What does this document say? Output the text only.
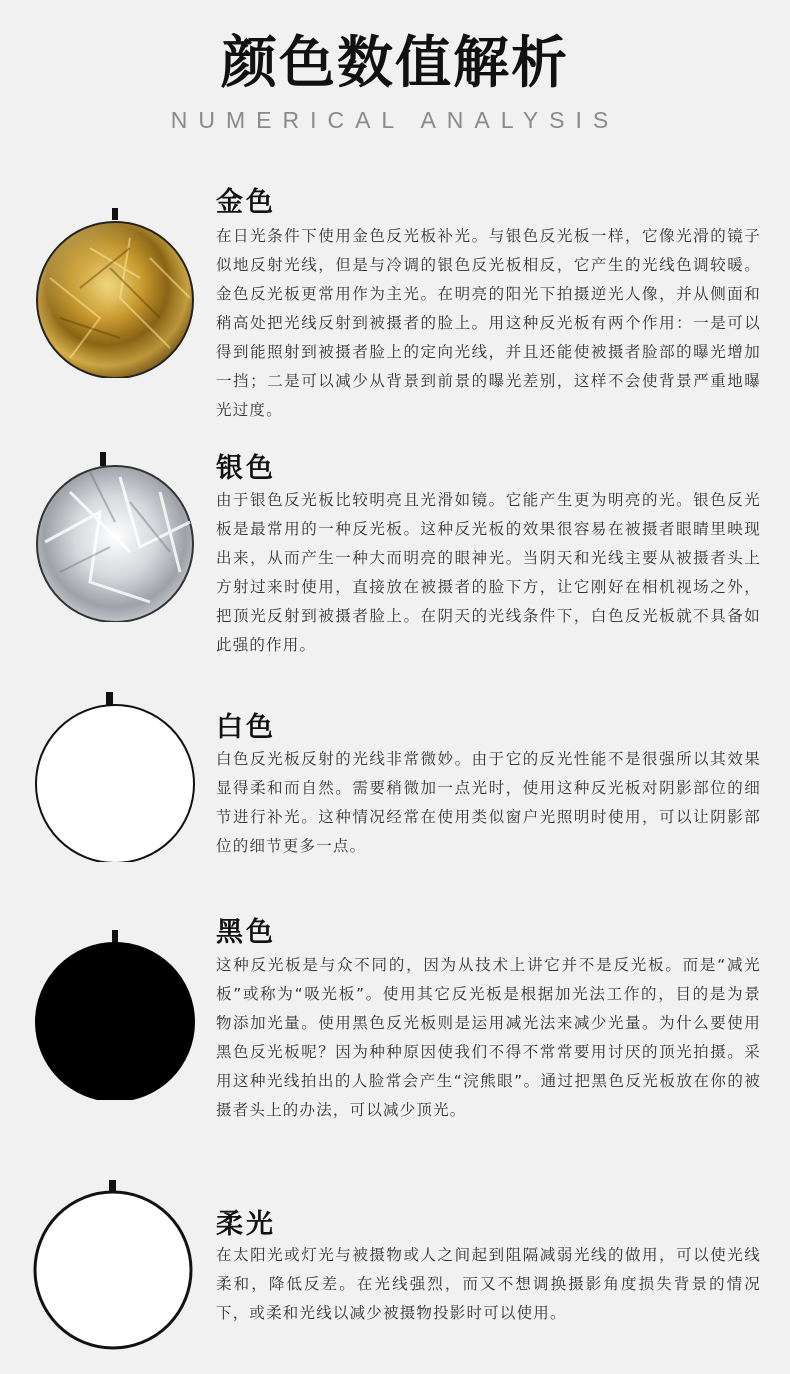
颜色数值解析
NUMERICAL ANALYSIS
金色
在日光条件下使用金色反光板补光。与银色反光板一样，它像光滑的镜子似地反射光线，但是与冷调的银色反光板相反，它产生的光线色调较暖。金色反光板更常用作为主光。在明亮的阳光下拍摄逆光人像，并从侧面和稍高处把光线反射到被摄者的脸上。用这种反光板有两个作用：一是可以得到能照射到被摄者脸上的定向光线，并且还能使被摄者脸部的曝光增加一挡；二是可以减少从背景到前景的曝光差别，这样不会使背景严重地曝光过度。
银色
由于银色反光板比较明亮且光滑如镜。它能产生更为明亮的光。银色反光板是最常用的一种反光板。这种反光板的效果很容易在被摄者眼睛里映现出来，从而产生一种大而明亮的眼神光。当阴天和光线主要从被摄者头上方射过来时使用，直接放在被摄者的脸下方，让它刚好在相机视场之外，把顶光反射到被摄者脸上。在阴天的光线条件下，白色反光板就不具备如此强的作用。
白色
白色反光板反射的光线非常微妙。由于它的反光性能不是很强所以其效果显得柔和而自然。需要稍微加一点光时，使用这种反光板对阴影部位的细节进行补光。这种情况经常在使用类似窗户光照明时使用，可以让阴影部位的细节更多一点。
黑色
这种反光板是与众不同的，因为从技术上讲它并不是反光板。而是“减光板”或称为“吸光板”。使用其它反光板是根据加光法工作的，目的是为景物添加光量。使用黑色反光板则是运用减光法来减少光量。为什么要使用黑色反光板呢？因为种种原因使我们不得不常常要用讨厌的顶光拍摄。采用这种光线拍出的人脸常会产生“浣熊眼”。通过把黑色反光板放在你的被摄者头上的办法，可以减少顶光。
柔光
在太阳光或灯光与被摄物或人之间起到阻隔减弱光线的做用，可以使光线柔和，降低反差。在光线强烈，而又不想调换摄影角度损失背景的情况下，或柔和光线以减少被摄物投影时可以使用。
